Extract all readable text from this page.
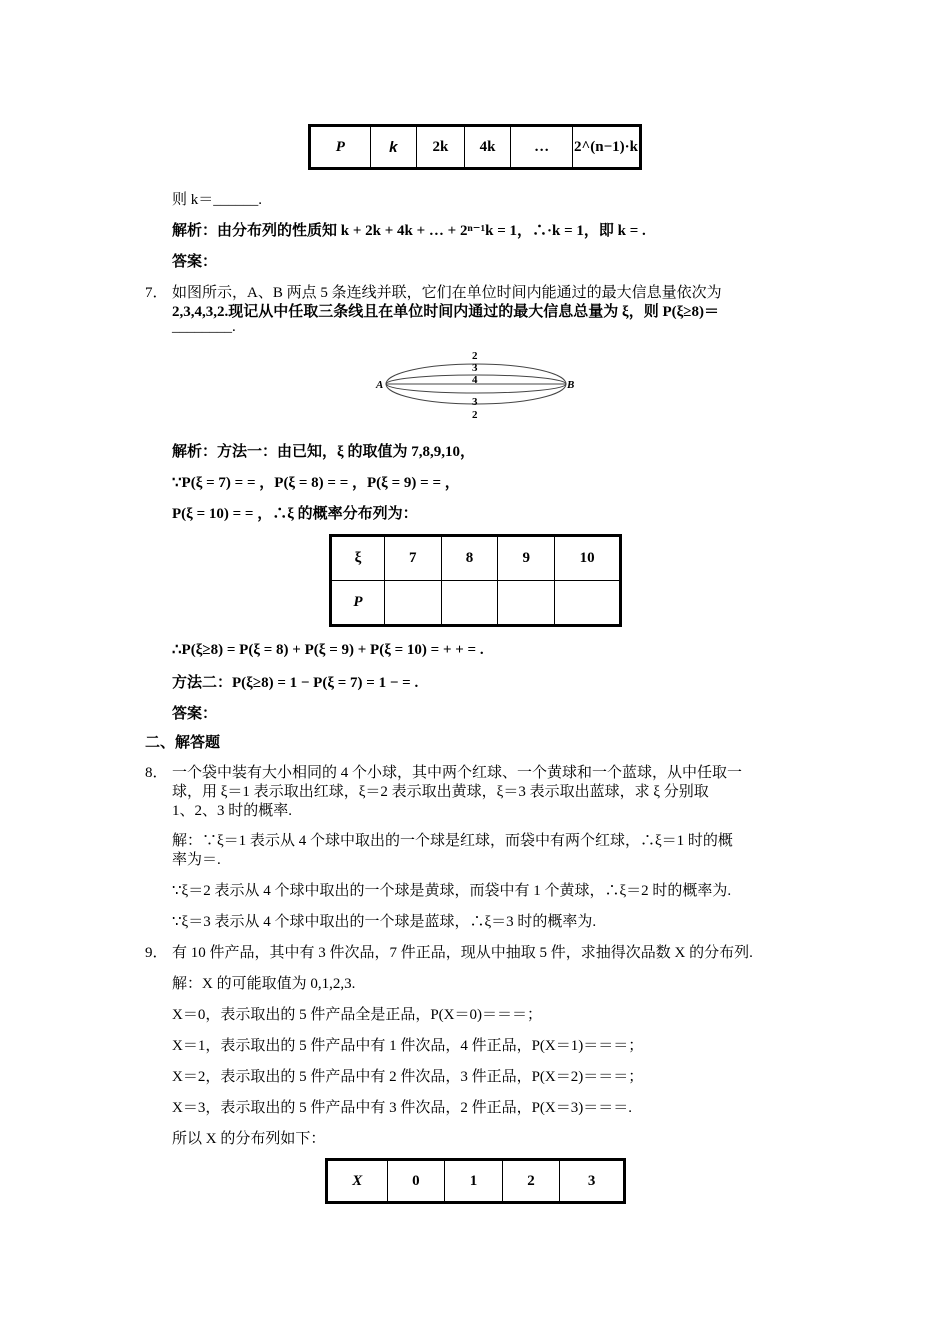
P	k	2k	4k	…	2^(n−1)·k
则 k＝______.
解析：由分布列的性质知 k + 2k + 4k + … + 2ⁿ⁻¹k = 1，∴·k = 1，即 k = .
答案：
7． 如图所示，A、B 两点 5 条连线并联，它们在单位时间内能通过的最大信息量依次为
2,3,4,3,2.现记从中任取三条线且在单位时间内通过的最大信息总量为 ξ，则 P(ξ≥8)＝
________.
A	B
2
3
4
3
2
解析：方法一：由已知，ξ 的取值为 7,8,9,10，
∵P(ξ = 7) = = ，P(ξ = 8) = = ，P(ξ = 9) = = ，
P(ξ = 10) = = ，∴ξ 的概率分布列为：
ξ	7	8	9	10
P				
∴P(ξ≥8) = P(ξ = 8) + P(ξ = 9) + P(ξ = 10) = + + = .
方法二：P(ξ≥8) = 1 − P(ξ = 7) = 1 − = .
答案：
二、解答题
8． 一个袋中装有大小相同的 4 个小球，其中两个红球、一个黄球和一个蓝球，从中任取一
球，用 ξ＝1 表示取出红球，ξ＝2 表示取出黄球，ξ＝3 表示取出蓝球，求 ξ 分别取
1、2、3 时的概率.
解：∵ξ＝1 表示从 4 个球中取出的一个球是红球，而袋中有两个红球，∴ξ＝1 时的概
率为＝.
∵ξ＝2 表示从 4 个球中取出的一个球是黄球，而袋中有 1 个黄球，∴ξ＝2 时的概率为.
∵ξ＝3 表示从 4 个球中取出的一个球是蓝球，∴ξ＝3 时的概率为.
9． 有 10 件产品，其中有 3 件次品，7 件正品，现从中抽取 5 件，求抽得次品数 X 的分布列.
解：X 的可能取值为 0,1,2,3.
X＝0，表示取出的 5 件产品全是正品，P(X＝0)＝＝＝；
X＝1，表示取出的 5 件产品中有 1 件次品，4 件正品，P(X＝1)＝＝＝；
X＝2，表示取出的 5 件产品中有 2 件次品，3 件正品，P(X＝2)＝＝＝；
X＝3，表示取出的 5 件产品中有 3 件次品，2 件正品，P(X＝3)＝＝＝.
所以 X 的分布列如下：
X	0	1	2	3
